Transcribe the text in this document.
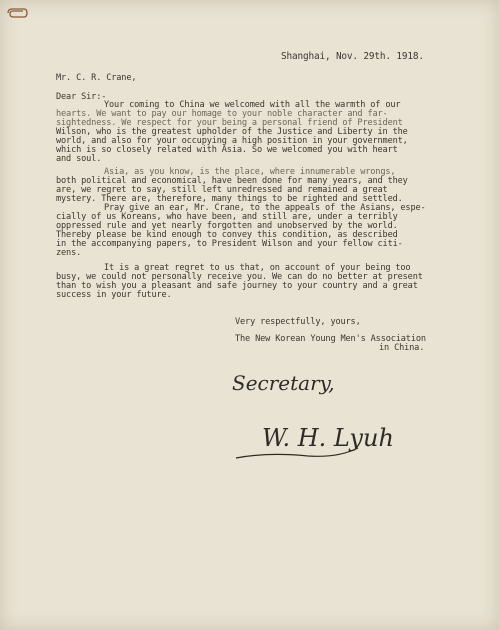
Shanghai, Nov. 29th. 1918.
Mr. C. R. Crane,
Dear Sir:-
Your coming to China we welcomed with all the warmth of our
hearts. We want to pay our homage to your noble character and far-
sightedness. We respect for your being a personal friend of President
Wilson, who is the greatest upholder of the Justice and Liberty in the
world, and also for your occupying a high position in your government,
which is so closely related with Asia. So we welcomed you with heart
and soul.
Asia, as you know, is the place, where innumerable wrongs,
both political and economical, have been done for many years, and they
are, we regret to say, still left unredressed and remained a great
mystery. There are, therefore, many things to be righted and settled.
Pray give an ear, Mr. Crane, to the appeals of the Asians, espe-
cially of us Koreans, who have been, and still are, under a terribly
oppressed rule and yet nearly forgotten and unobserved by the world.
Thereby please be kind enough to convey this condition, as described
in the accompanying papers, to President Wilson and your fellow citi-
zens.
It is a great regret to us that, on account of your being too
busy, we could not personally receive you. We can do no better at present
than to wish you a pleasant and safe journey to your country and a great
success in your future.
Very respectfully, yours,
The New Korean Young Men's Association
in China.
Secretary,
W. H. Lyuh
